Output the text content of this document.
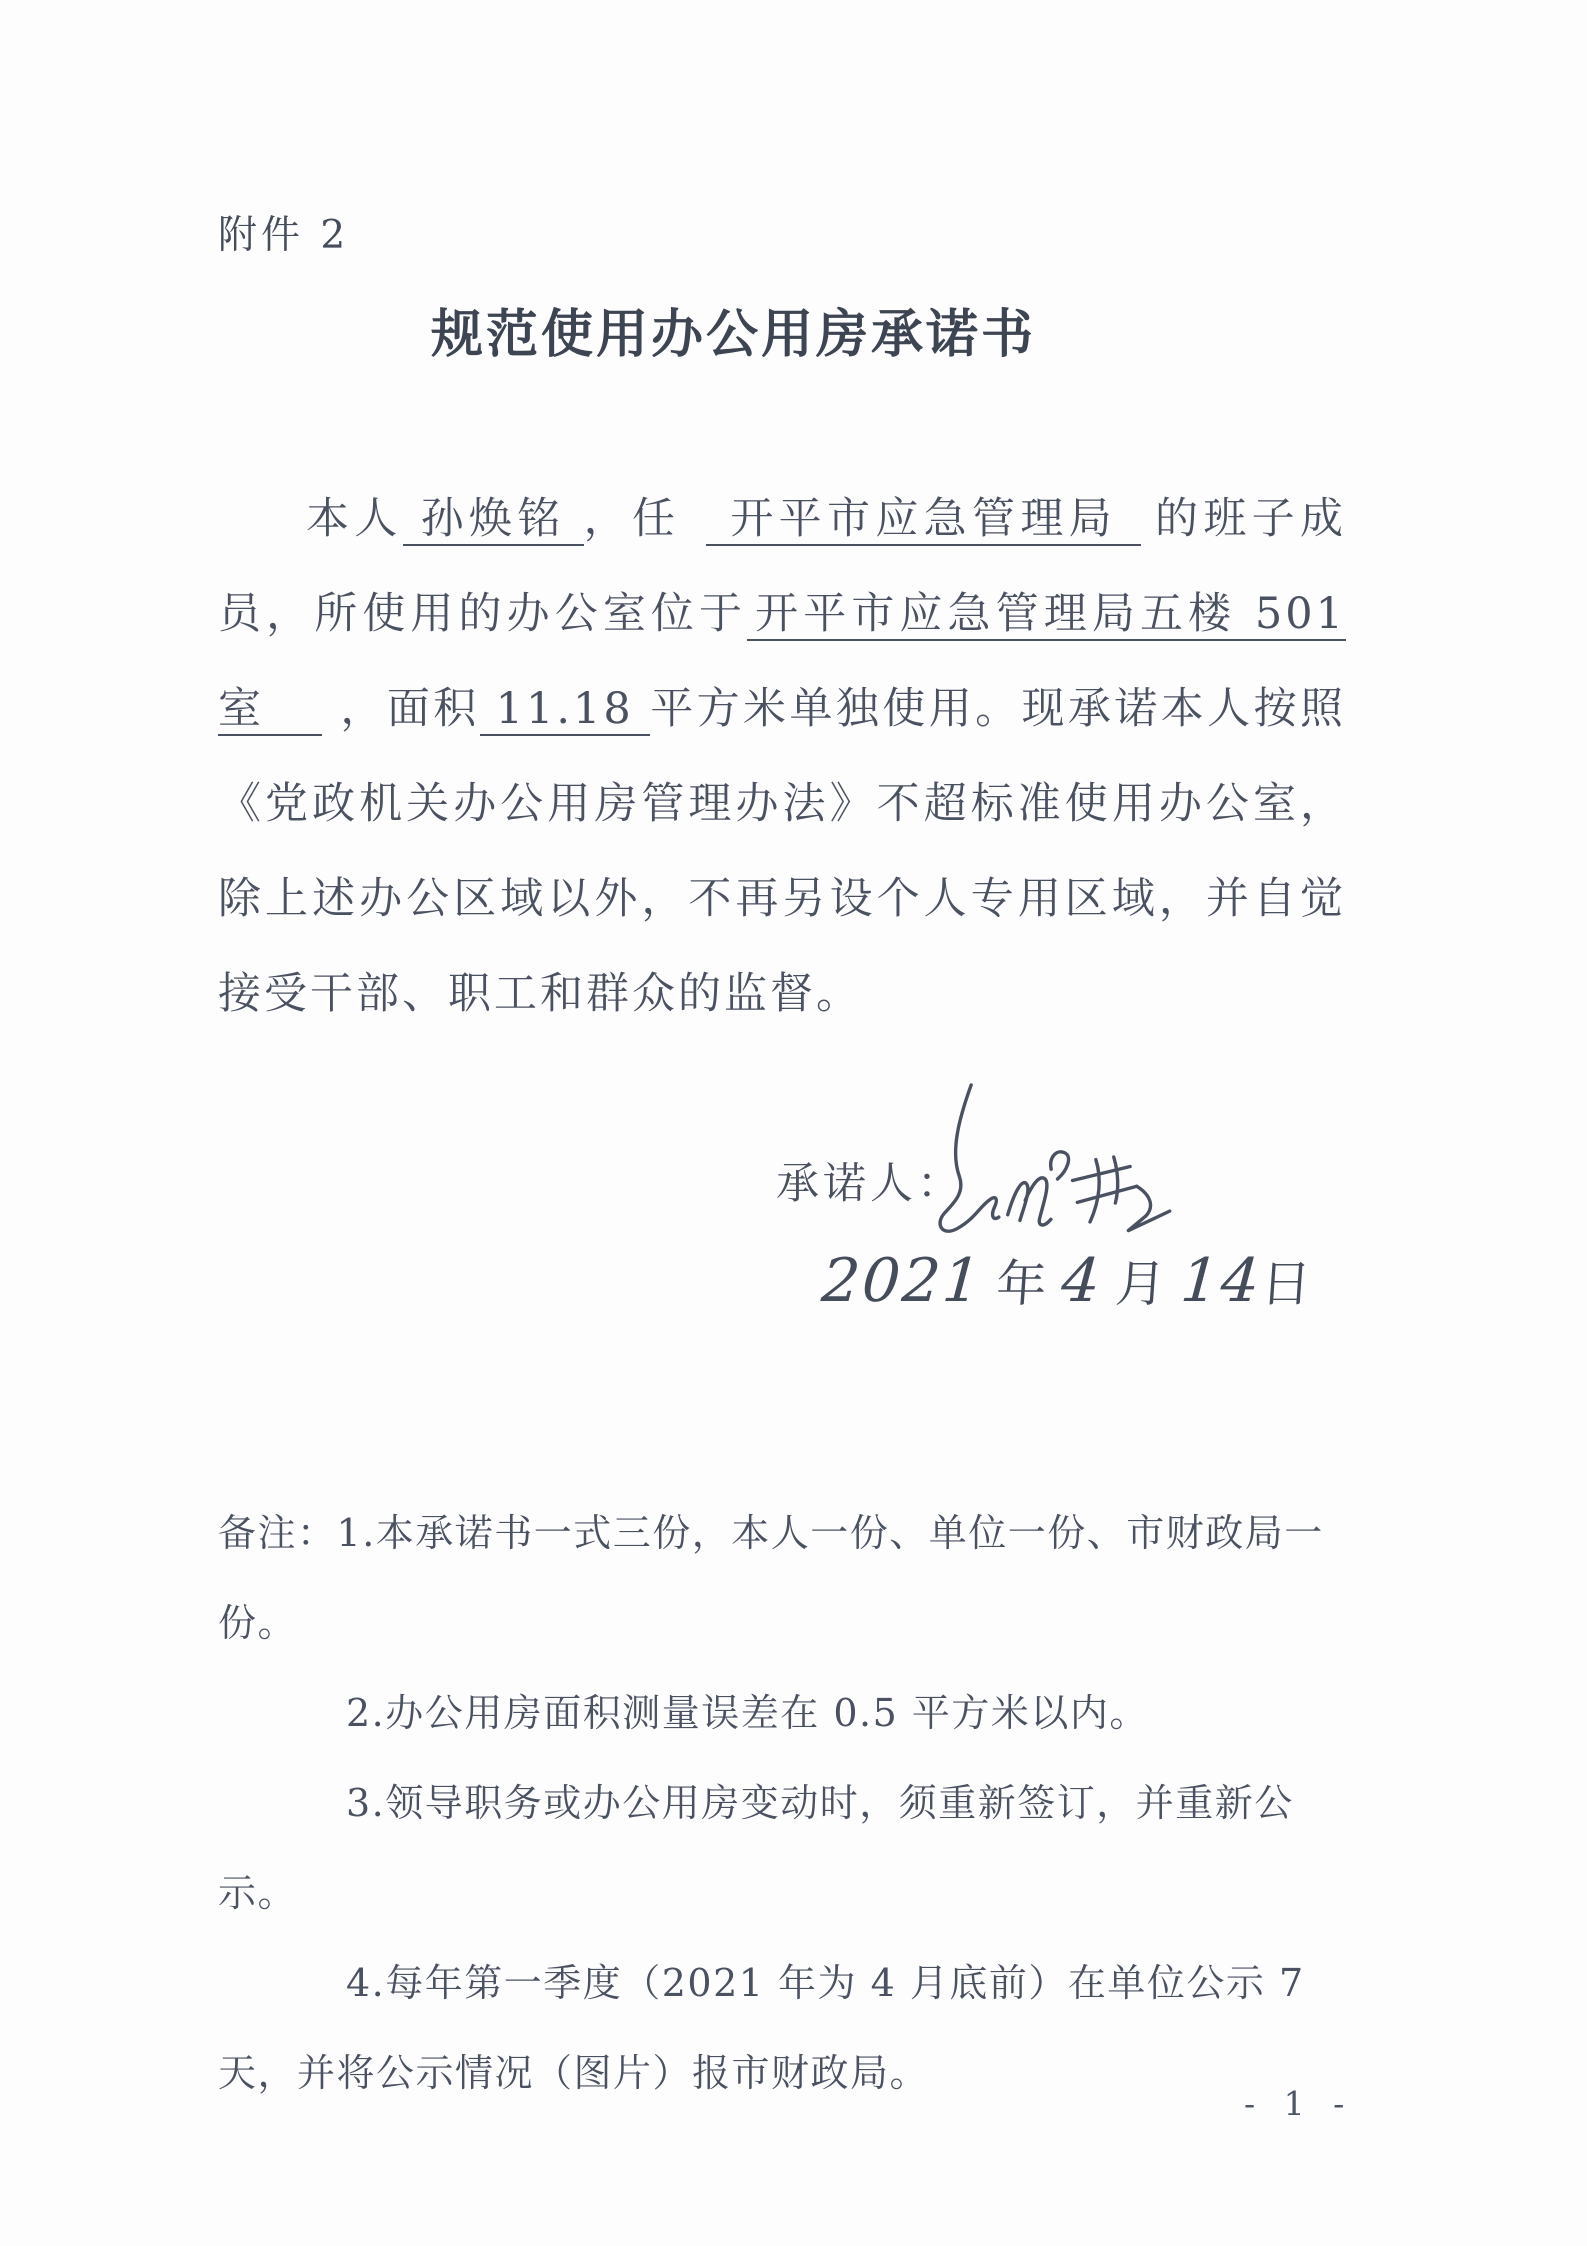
附件 2
规范使用办公用房承诺书

本人 孙焕铭 ，任 开平市应急管理局 的班子成员，所使用的办公室位于 开平市应急管理局五楼 501 室 ，面积 11.18 平方米单独使用。现承诺本人按照《党政机关办公用房管理办法》不超标准使用办公室，除上述办公区域以外，不再另设个人专用区域，并自觉接受干部、职工和群众的监督。

承诺人：
2021 年 4 月 14
日
备注：1.本承诺书一式三份，本人一份、单位一份、市财政局一份。
2.办公用房面积测量误差在 0.5 平方米以内。
3.领导职务或办公用房变动时，须重新签订，并重新公示。
4.每年第一季度（2021 年为 4 月底前）在单位公示 7 天，并将公示情况（图片）报市财政局。
- 1 -
